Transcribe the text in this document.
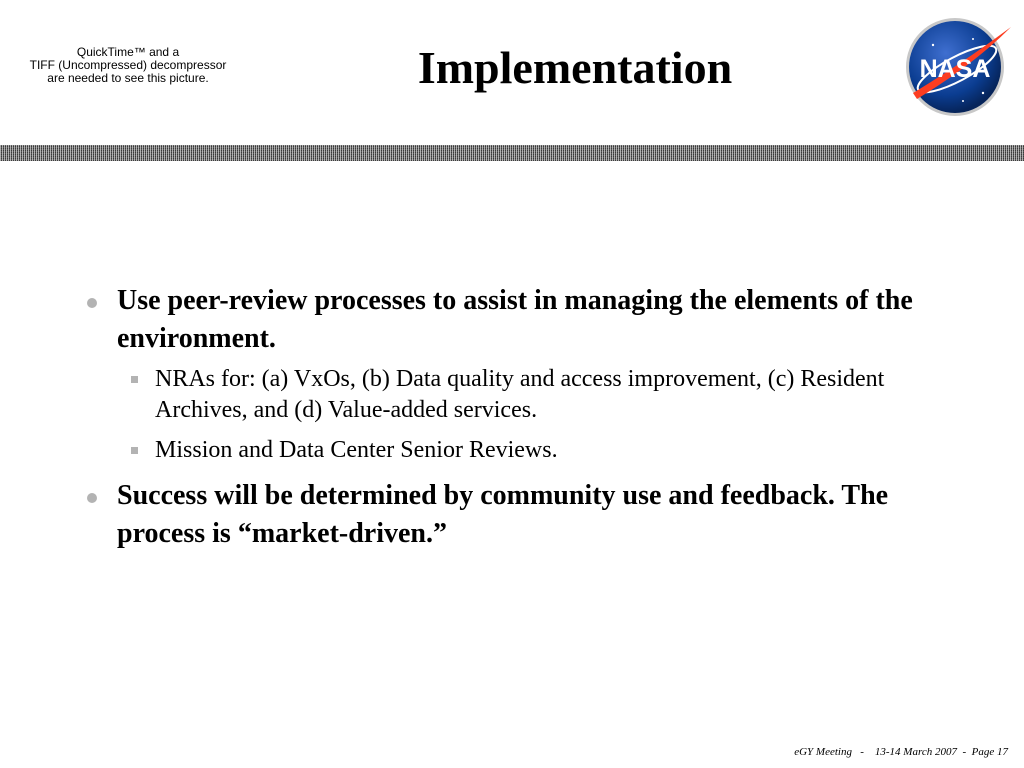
QuickTime™ and a
TIFF (Uncompressed) decompressor
are needed to see this picture.	Implementation	NASA
Use peer-review processes to assist in managing the elements of the environment.
NRAs for: (a) VxOs, (b) Data quality and access improvement, (c) Resident Archives, and (d) Value-added services.
Mission and Data Center Senior Reviews.
Success will be determined by community use and feedback. The process is “market-driven.”
eGY Meeting   -    13-14 March 2007  -  Page 17
